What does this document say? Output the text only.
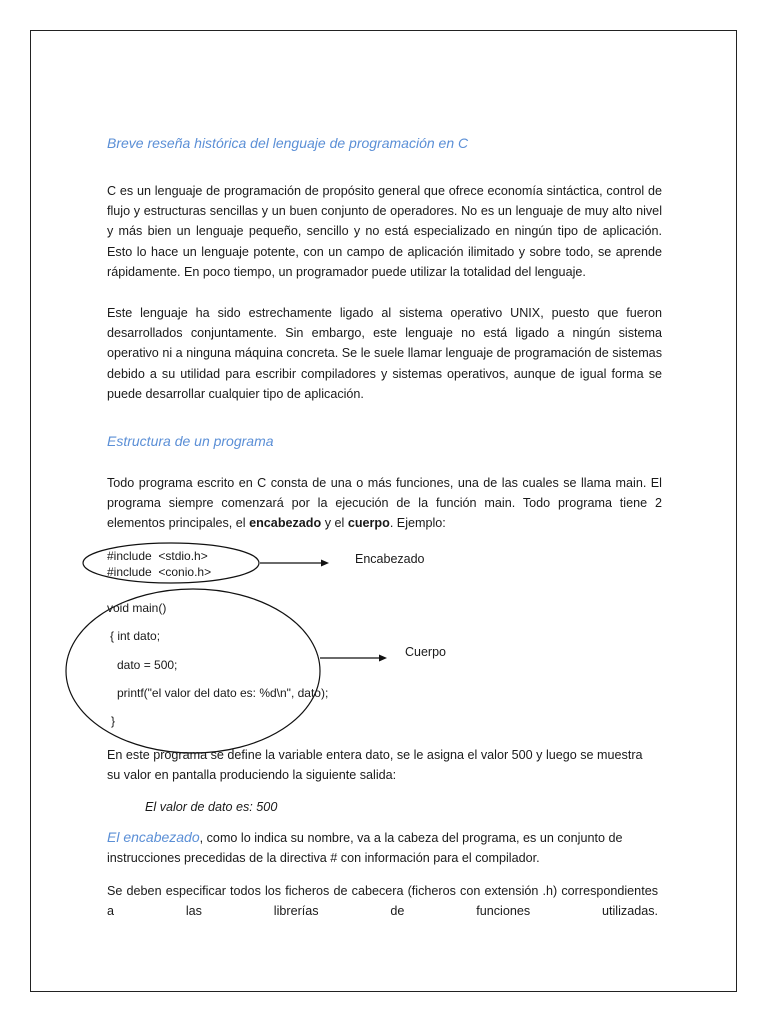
Breve reseña histórica del lenguaje de programación en C

C es un lenguaje de programación de propósito general que ofrece economía sintáctica, control de flujo y estructuras sencillas y un buen conjunto de operadores. No es un lenguaje de muy alto nivel y más bien un lenguaje pequeño, sencillo y no está especializado en ningún tipo de aplicación. Esto lo hace un lenguaje potente, con un campo de aplicación ilimitado y sobre todo, se aprende rápidamente. En poco tiempo, un programador puede utilizar la totalidad del lenguaje.

Este lenguaje ha sido estrechamente ligado al sistema operativo UNIX, puesto que fueron desarrollados conjuntamente. Sin embargo, este lenguaje no está ligado a ningún sistema operativo ni a ninguna máquina concreta. Se le suele llamar lenguaje de programación de sistemas debido a su utilidad para escribir compiladores y sistemas operativos, aunque de igual forma se puede desarrollar cualquier tipo de aplicación.

Estructura de un programa

Todo programa escrito en C consta de una o más funciones, una de las cuales se llama main. El programa siempre comenzará por la ejecución de la función main. Todo programa tiene 2 elementos principales, el encabezado y el cuerpo. Ejemplo:

#include  <stdio.h>
#include  <conio.h>
Encabezado
void main()
{ int dato;
dato = 500;
printf("el valor del dato es: %d\n", dato);
}
Cuerpo

En este programa se define la variable entera dato, se le asigna el valor 500 y luego se muestra su valor en pantalla produciendo la siguiente salida:

El valor de dato es: 500

El encabezado, como lo indica su nombre, va a la cabeza del programa, es un conjunto de instrucciones precedidas de la directiva # con información para el compilador.

Se deben especificar todos los ficheros de cabecera (ficheros con extensión .h) correspondientes a las librerías de funciones utilizadas.
